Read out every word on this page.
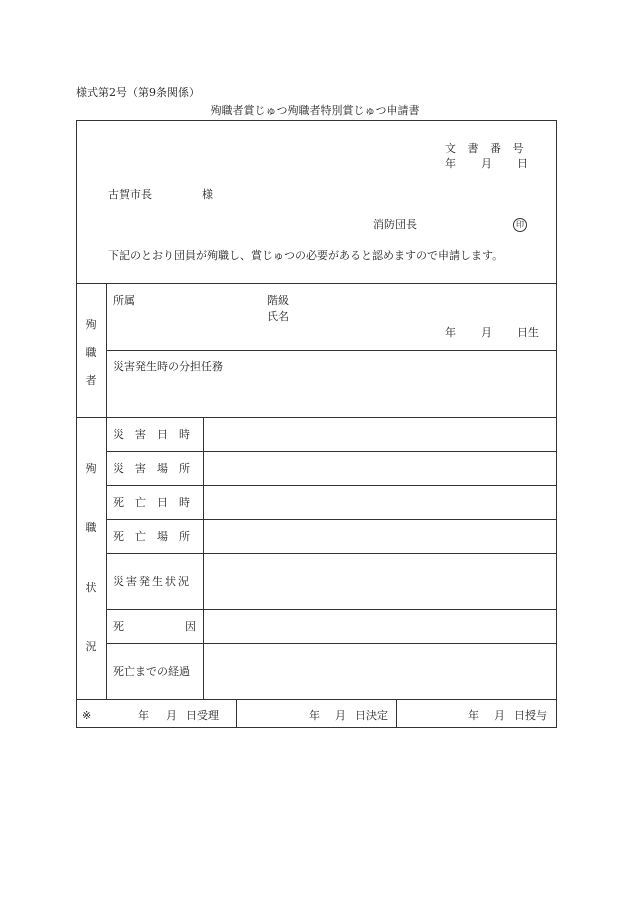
様式第2号（第9条関係）
殉職者賞じゅつ殉職者特別賞じゅつ申請書
文 書 番 号
年 月 日
古賀市長	様
消防団長	印
下記のとおり団員が殉職し、賞じゅつの必要があると認めますので申請します。
殉
職
者
所属	階級
氏名
年 月 日生
災害発生時の分担任務
殉
職
状
況
災害日時
災害場所
死亡日時
死亡場所
災害発生状況
死因
死亡までの経過
※	年 月 日受理	年 月 日決定	年 月 日授与
